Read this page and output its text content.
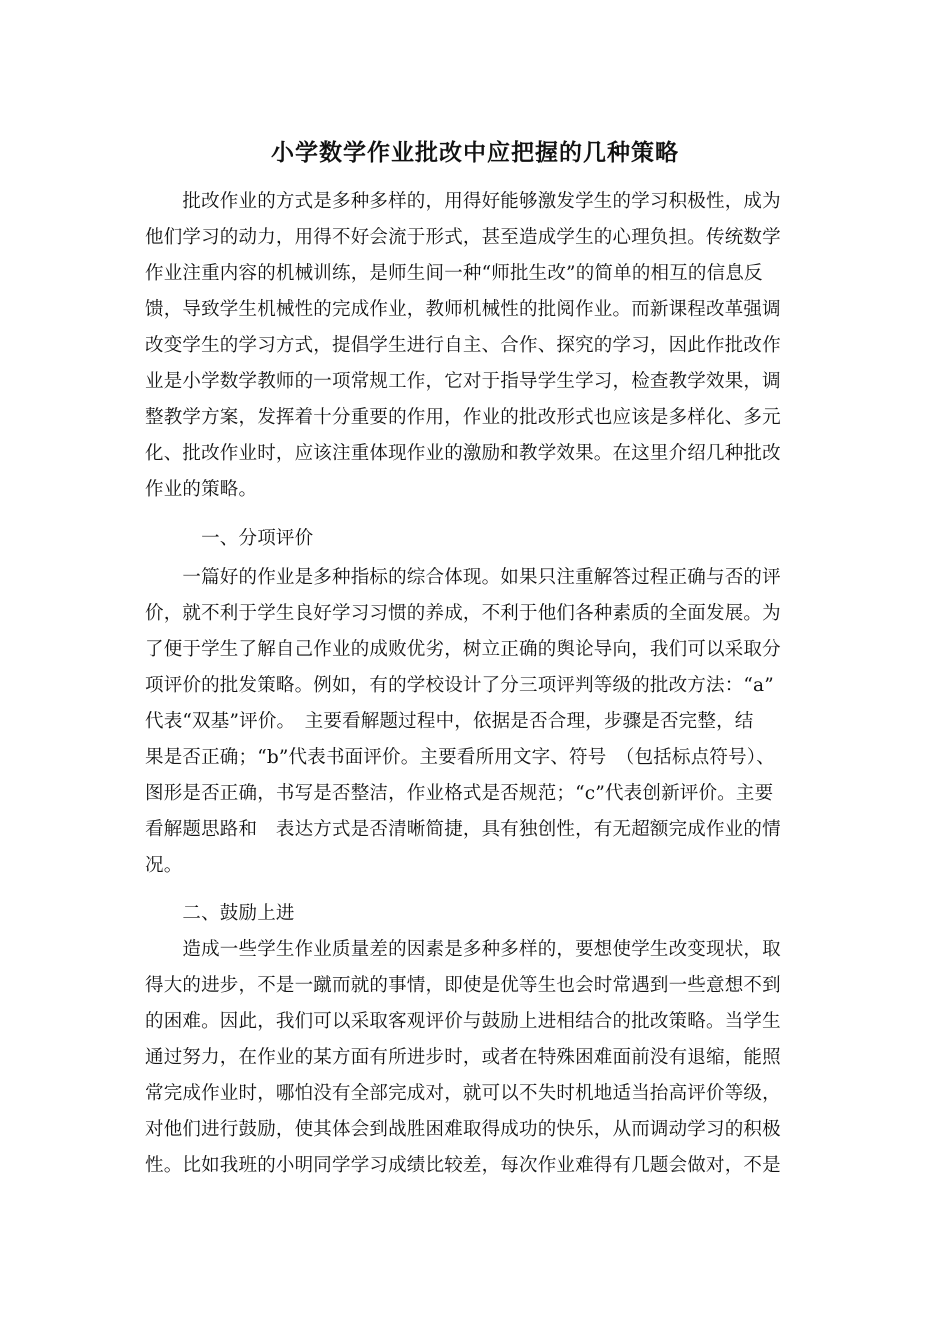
小学数学作业批改中应把握的几种策略
　　批改作业的方式是多种多样的，用得好能够激发学生的学习积极性，成为
他们学习的动力，用得不好会流于形式，甚至造成学生的心理负担。传统数学
作业注重内容的机械训练，是师生间一种“师批生改”的简单的相互的信息反
馈，导致学生机械性的完成作业，教师机械性的批阅作业。而新课程改革强调
改变学生的学习方式，提倡学生进行自主、合作、探究的学习，因此作批改作
业是小学数学教师的一项常规工作，它对于指导学生学习，检查教学效果，调
整教学方案，发挥着十分重要的作用，作业的批改形式也应该是多样化、多元
化、批改作业时，应该注重体现作业的激励和教学效果。在这里介绍几种批改
作业的策略。
　　　一、分项评价
　　一篇好的作业是多种指标的综合体现。如果只注重解答过程正确与否的评
价，就不利于学生良好学习习惯的养成，不利于他们各种素质的全面发展。为
了便于学生了解自己作业的成败优劣，树立正确的舆论导向，我们可以采取分
项评价的批发策略。例如，有的学校设计了分三项评判等级的批改方法：“a”
代表“双基”评价。　主要看解题过程中，依据是否合理，步骤是否完整，结
果是否正确；“b”代表书面评价。主要看所用文字、符号　（包括标点符号）、
图形是否正确，书写是否整洁，作业格式是否规范；“c”代表创新评价。主要
看解题思路和　表达方式是否清晰简捷，具有独创性，有无超额完成作业的情
况。
　　二、鼓励上进
　　造成一些学生作业质量差的因素是多种多样的，要想使学生改变现状，取
得大的进步，不是一蹴而就的事情，即使是优等生也会时常遇到一些意想不到
的困难。因此，我们可以采取客观评价与鼓励上进相结合的批改策略。当学生
通过努力，在作业的某方面有所进步时，或者在特殊困难面前没有退缩，能照
常完成作业时，哪怕没有全部完成对，就可以不失时机地适当抬高评价等级，
对他们进行鼓励，使其体会到战胜困难取得成功的快乐，从而调动学习的积极
性。比如我班的小明同学学习成绩比较差，每次作业难得有几题会做对，不是
